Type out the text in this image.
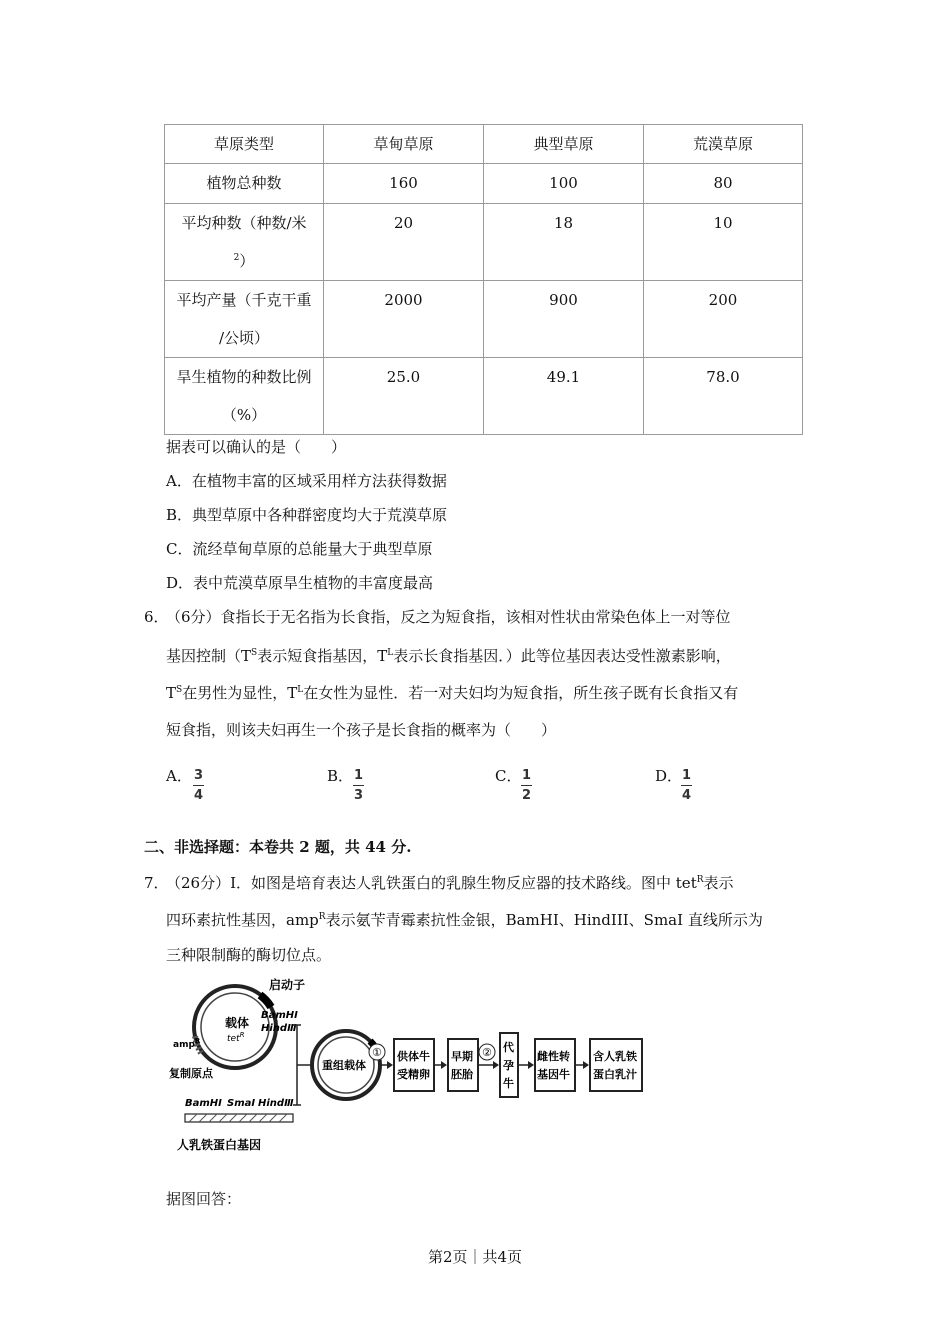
草原类型	草甸草原	典型草原	荒漠草原
植物总种数	160	100	80

平均种数（种数/米
$^2$）	20	18	10

平均产量（千克干重
/公顷）	2000	900	200

旱生植物的种数比例
（%）	25.0	49.1	78.0
据表可以确认的是（　　）
A．在植物丰富的区域采用样方法获得数据
B．典型草原中各种群密度均大于荒漠草原
C．流经草甸草原的总能量大于典型草原
D．表中荒漠草原旱生植物的丰富度最高
6．
（6分）食指长于无名指为长食指，反之为短食指，该相对性状由常染色体上一对等位
基因控制（$T^S$表示短食指基因，$T^L$表示长食指基因．）此等位基因表达受性激素影响，
$T^S$在男性为显性，$T^L$在女性为显性．若一对夫妇均为短食指，所生孩子既有长食指又有
短食指，则该夫妇再生一个孩子是长食指的概率为（　　）
A． 3
4
B． 1
3
C． 1
2
D． 1
4
二、非选择题：本卷共 2 题，共 44 分.
7．
（26分）Ⅰ．如图是培育表达人乳铁蛋白的乳腺生物反应器的技术路线。图中 tet$^R$表示
四环素抗性基因，amp$^R$表示氨苄青霉素抗性金银，BamHI、HindIII、SmaI 直线所示为
三种限制酶的酶切位点。
载体
tet$^R$
启动子
BamHⅠ
HindⅢ
amp$^R$
复制原点
BamHⅠ SmaⅠ HindⅢ
人乳铁蛋白基因
重组载体
① 供体牛
受精卵
早期
胚胎
② 代
孕
牛
雌性转
基因牛
含人乳铁
蛋白乳汁
据图回答：
第2页｜共4页
